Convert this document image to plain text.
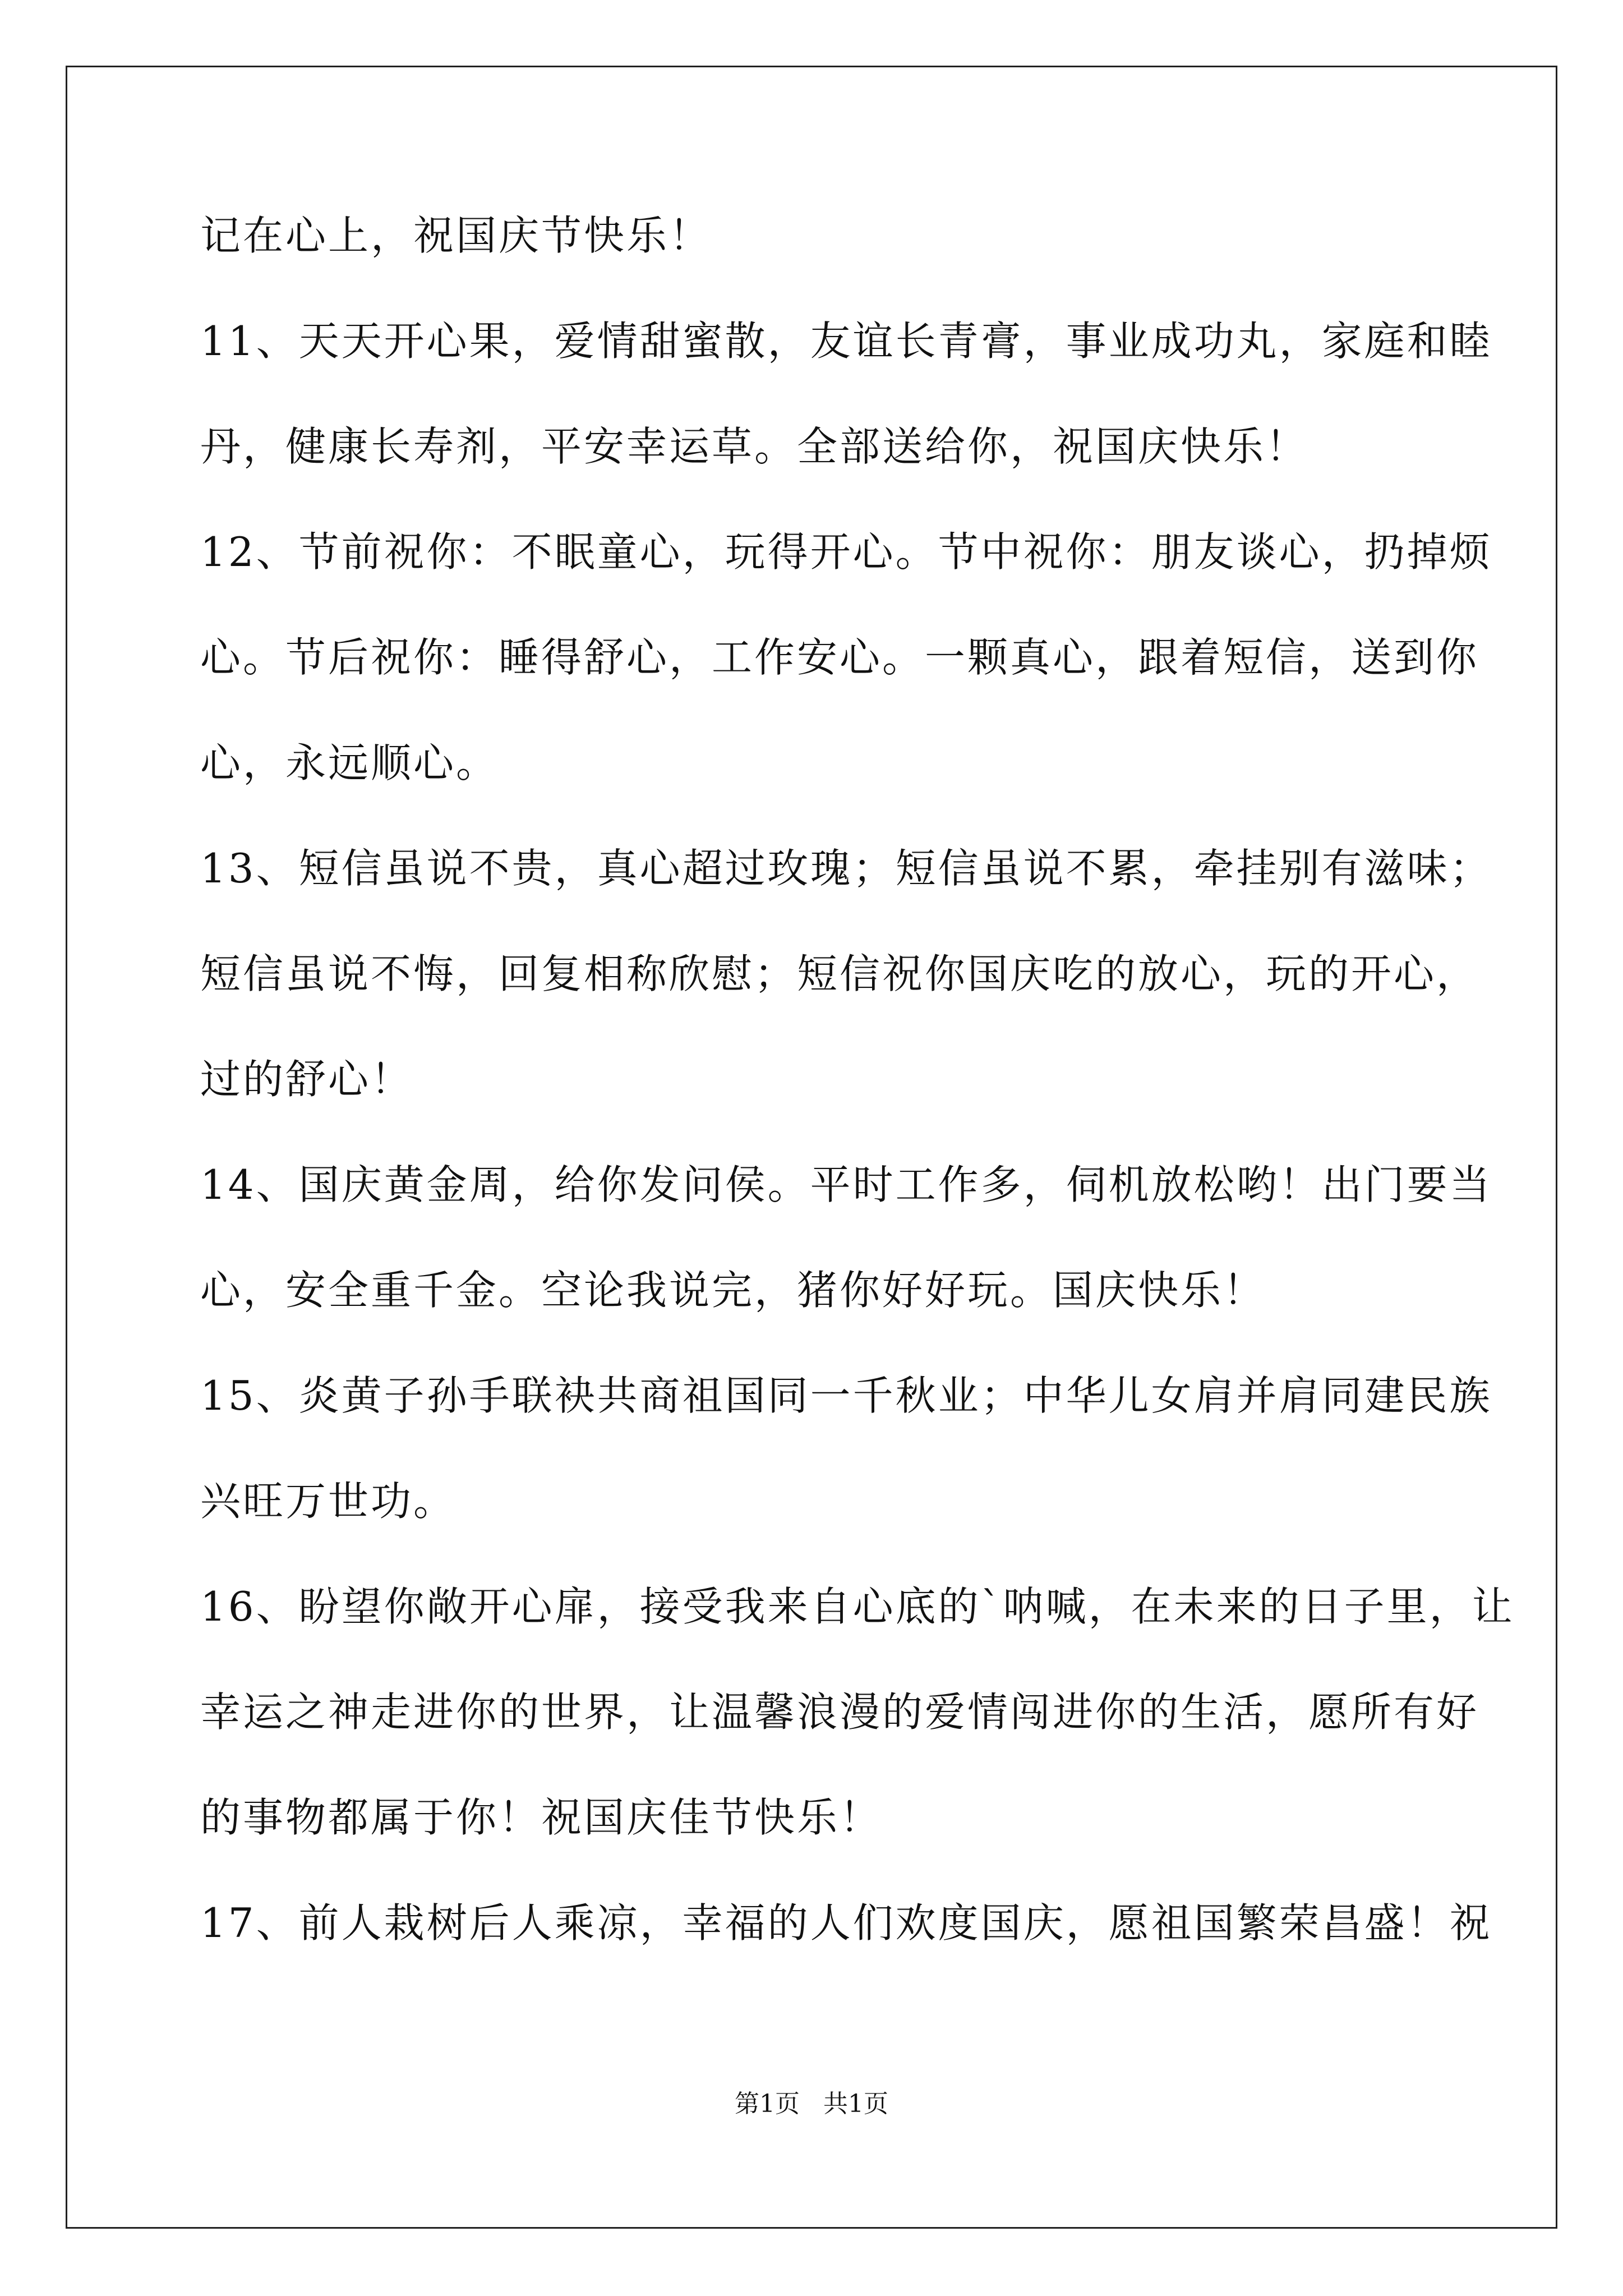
记在心上，祝国庆节快乐！
11、天天开心果，爱情甜蜜散，友谊长青膏，事业成功丸，家庭和睦
丹，健康长寿剂，平安幸运草。全部送给你，祝国庆快乐！
12、节前祝你：不眠童心，玩得开心。节中祝你：朋友谈心，扔掉烦
心。节后祝你：睡得舒心，工作安心。一颗真心，跟着短信，送到你
心，永远顺心。
13、短信虽说不贵，真心超过玫瑰；短信虽说不累，牵挂别有滋味；
短信虽说不悔，回复相称欣慰；短信祝你国庆吃的放心，玩的开心，
过的舒心！
14、国庆黄金周，给你发问侯。平时工作多，伺机放松哟！出门要当
心，安全重千金。空论我说完，猪你好好玩。国庆快乐！
15、炎黄子孙手联袂共商祖国同一千秋业；中华儿女肩并肩同建民族
兴旺万世功。
16、盼望你敞开心扉，接受我来自心底的`呐喊，在未来的日子里，让
幸运之神走进你的世界，让温馨浪漫的爱情闯进你的生活，愿所有好
的事物都属于你！祝国庆佳节快乐！
17、前人栽树后人乘凉，幸福的人们欢度国庆，愿祖国繁荣昌盛！祝
第1页   共1页
